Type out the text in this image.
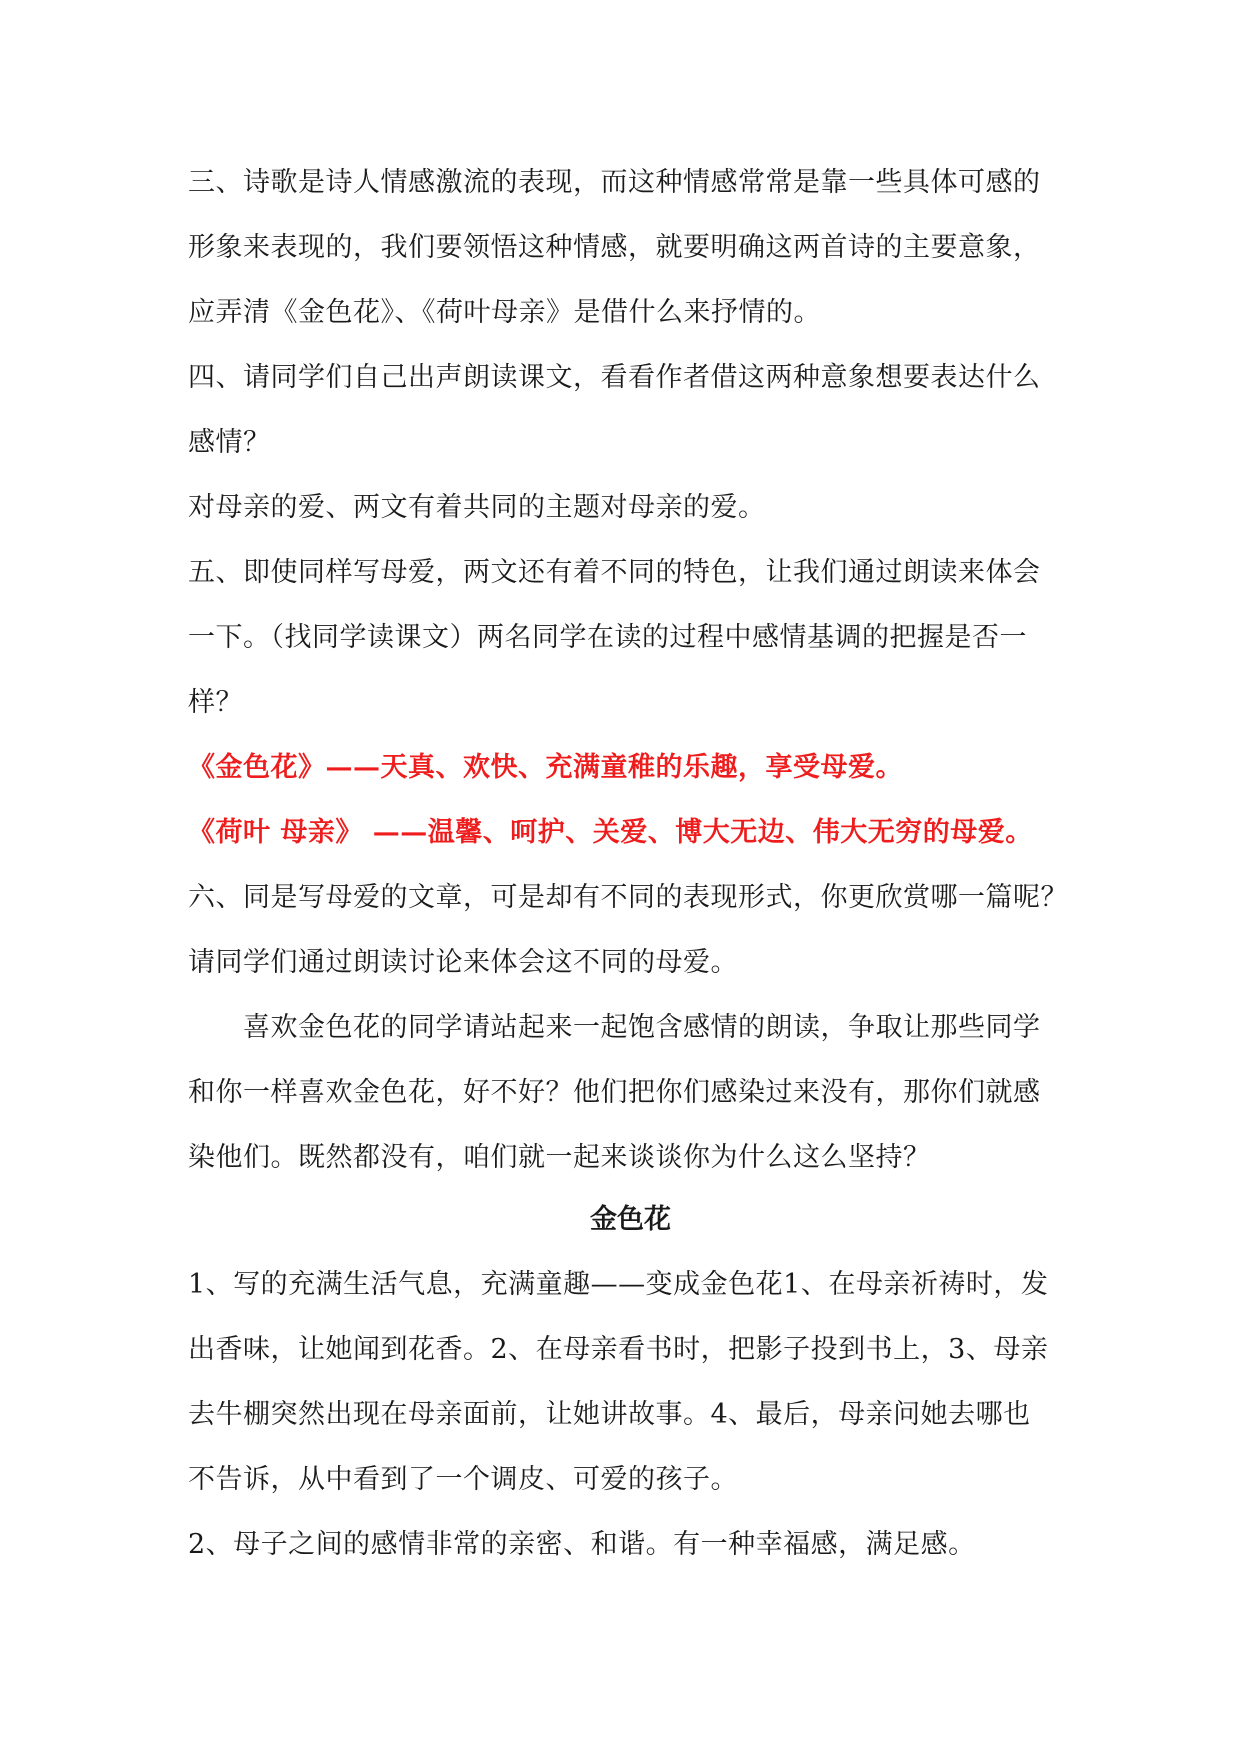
三、诗歌是诗人情感激流的表现，而这种情感常常是靠一些具体可感的
形象来表现的，我们要领悟这种情感，就要明确这两首诗的主要意象，
应弄清《金色花》、《荷叶母亲》是借什么来抒情的。
四、请同学们自己出声朗读课文，看看作者借这两种意象想要表达什么
感情？
对母亲的爱、两文有着共同的主题对母亲的爱。
五、即使同样写母爱，两文还有着不同的特色，让我们通过朗读来体会
一下。（找同学读课文）两名同学在读的过程中感情基调的把握是否一
样？
《金色花》——天真、欢快、充满童稚的乐趣，享受母爱。
《荷叶 母亲》 ——温馨、呵护、关爱、博大无边、伟大无穷的母爱。
六、同是写母爱的文章，可是却有不同的表现形式，你更欣赏哪一篇呢？
请同学们通过朗读讨论来体会这不同的母爱。
喜欢金色花的同学请站起来一起饱含感情的朗读，争取让那些同学
和你一样喜欢金色花，好不好？他们把你们感染过来没有，那你们就感
染他们。既然都没有，咱们就一起来谈谈你为什么这么坚持？
金色花
1、写的充满生活气息，充满童趣——变成金色花1、在母亲祈祷时，发
出香味，让她闻到花香。2、在母亲看书时，把影子投到书上，3、母亲
去牛棚突然出现在母亲面前，让她讲故事。4、最后，母亲问她去哪也
不告诉，从中看到了一个调皮、可爱的孩子。
2、母子之间的感情非常的亲密、和谐。有一种幸福感，满足感。
